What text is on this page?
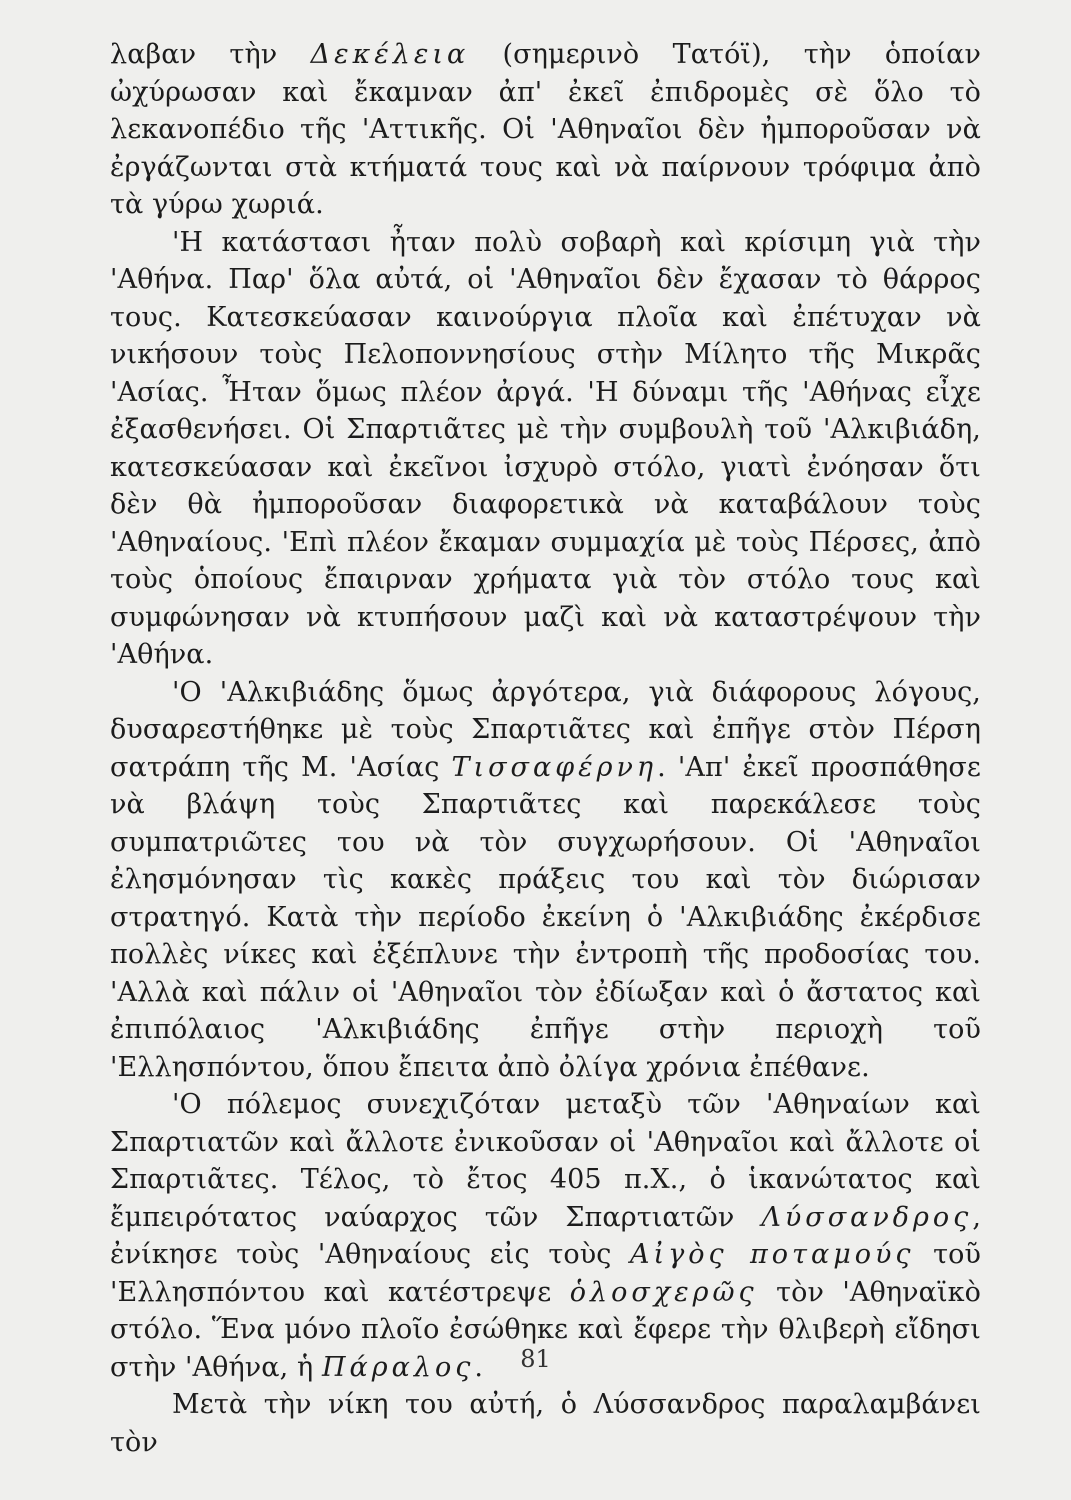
λαβαν τὴν Δεκέλεια (σημερινὸ Τατόϊ), τὴν ὁποίαν ὠχύρωσαν καὶ ἔκαμναν ἀπ' ἐκεῖ ἐπιδρομὲς σὲ ὅλο τὸ λεκανοπέδιο τῆς 'Αττικῆς. Οἱ 'Αθηναῖοι δὲν ἠμποροῦσαν νὰ ἐργάζωνται στὰ κτήματά τους καὶ νὰ παίρνουν τρόφιμα ἀπὸ τὰ γύρω χωριά.

'Η κατάστασι ἦταν πολὺ σοβαρὴ καὶ κρίσιμη γιὰ τὴν 'Αθήνα. Παρ' ὅλα αὐτά, οἱ 'Αθηναῖοι δὲν ἔχασαν τὸ θάρρος τους. Κατεσκεύασαν καινούργια πλοῖα καὶ ἐπέτυχαν νὰ νικήσουν τοὺς Πελοποννησίους στὴν Μίλητο τῆς Μικρᾶς 'Ασίας. Ἦταν ὅμως πλέον ἀργά. 'Η δύναμι τῆς 'Αθήνας εἶχε ἐξασθενήσει. Οἱ Σπαρτιᾶτες μὲ τὴν συμβουλὴ τοῦ 'Αλκιβιάδη, κατεσκεύασαν καὶ ἐκεῖνοι ἰσχυρὸ στόλο, γιατὶ ἐνόησαν ὅτι δὲν θὰ ἠμποροῦσαν διαφορετικὰ νὰ καταβάλουν τοὺς 'Αθηναίους. 'Επὶ πλέον ἔκαμαν συμμαχία μὲ τοὺς Πέρσες, ἀπὸ τοὺς ὁποίους ἔπαιρναν χρήματα γιὰ τὸν στόλο τους καὶ συμφώνησαν νὰ κτυπήσουν μαζὶ καὶ νὰ καταστρέψουν τὴν 'Αθήνα.

'Ο 'Αλκιβιάδης ὅμως ἀργότερα, γιὰ διάφορους λόγους, δυσαρεστήθηκε μὲ τοὺς Σπαρτιᾶτες καὶ ἐπῆγε στὸν Πέρση σατράπη τῆς Μ. 'Ασίας Τισσαφέρνη. 'Απ' ἐκεῖ προσπάθησε νὰ βλάψη τοὺς Σπαρτιᾶτες καὶ παρεκάλεσε τοὺς συμπατριῶτες του νὰ τὸν συγχωρήσουν. Οἱ 'Αθηναῖοι ἐλησμόνησαν τὶς κακὲς πράξεις του καὶ τὸν διώρισαν στρατηγό. Κατὰ τὴν περίοδο ἐκείνη ὁ 'Αλκιβιάδης ἐκέρδισε πολλὲς νίκες καὶ ἐξέπλυνε τὴν ἐντροπὴ τῆς προδοσίας του. 'Αλλὰ καὶ πάλιν οἱ 'Αθηναῖοι τὸν ἐδίωξαν καὶ ὁ ἄστατος καὶ ἐπιπόλαιος 'Αλκιβιάδης ἐπῆγε στὴν περιοχὴ τοῦ 'Ελλησπόντου, ὅπου ἔπειτα ἀπὸ ὀλίγα χρόνια ἐπέθανε.

'Ο πόλεμος συνεχιζόταν μεταξὺ τῶν 'Αθηναίων καὶ Σπαρτιατῶν καὶ ἄλλοτε ἐνικοῦσαν οἱ 'Αθηναῖοι καὶ ἄλλοτε οἱ Σπαρτιᾶτες. Τέλος, τὸ ἔτος 405 π.Χ., ὁ ἱκανώτατος καὶ ἔμπειρότατος ναύαρχος τῶν Σπαρτιατῶν Λύσσανδρος, ἐνίκησε τοὺς 'Αθηναίους εἰς τοὺς Αἰγὸς ποταμούς τοῦ 'Ελλησπόντου καὶ κατέστρεψε ὁλοσχερῶς τὸν 'Αθηναϊκὸ στόλο. Ἕνα μόνο πλοῖο ἐσώθηκε καὶ ἔφερε τὴν θλιβερὴ εἴδησι στὴν 'Αθήνα, ἡ Πάραλος.

Μετὰ τὴν νίκη του αὐτή, ὁ Λύσσανδρος παραλαμβάνει τὸν

81
